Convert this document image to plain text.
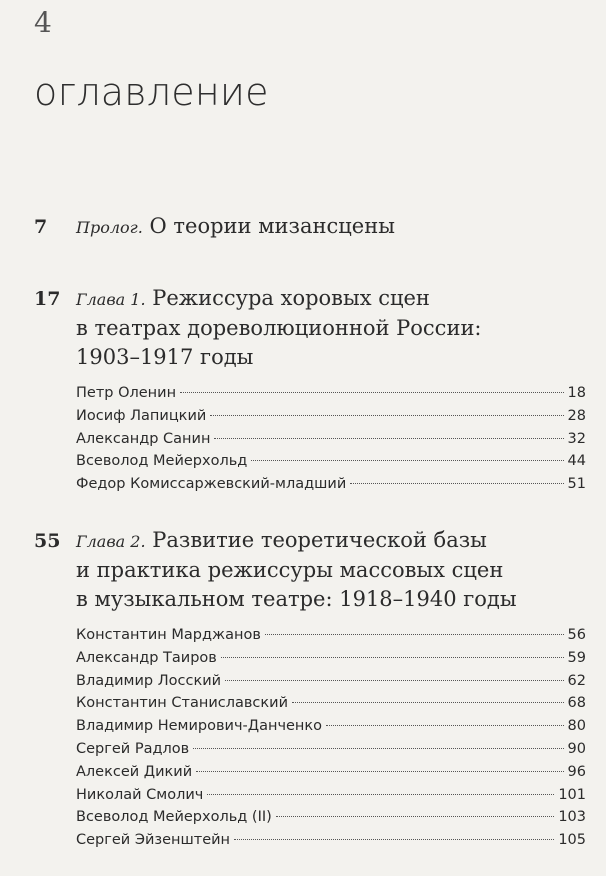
4
оглавление
7	Пролог. О теории мизансцены
17 Глава 1. Режиссура хоровых сцен
в театрах дореволюционной России:
1903–1917 годы
Петр Оленин	18
Иосиф Лапицкий	28
Александр Санин	32
Всеволод Мейерхольд	44
Федор Комиссаржевский-младший	51
55 Глава 2. Развитие теоретической базы
и практика режиссуры массовых сцен
в музыкальном театре: 1918–1940 годы
Константин Марджанов	56
Александр Таиров	59
Владимир Лосский	62
Константин Станиславский	68
Владимир Немирович-Данченко	80
Сергей Радлов	90
Алексей Дикий	96
Николай Смолич	101
Всеволод Мейерхольд (II)	103
Сергей Эйзенштейн	105
